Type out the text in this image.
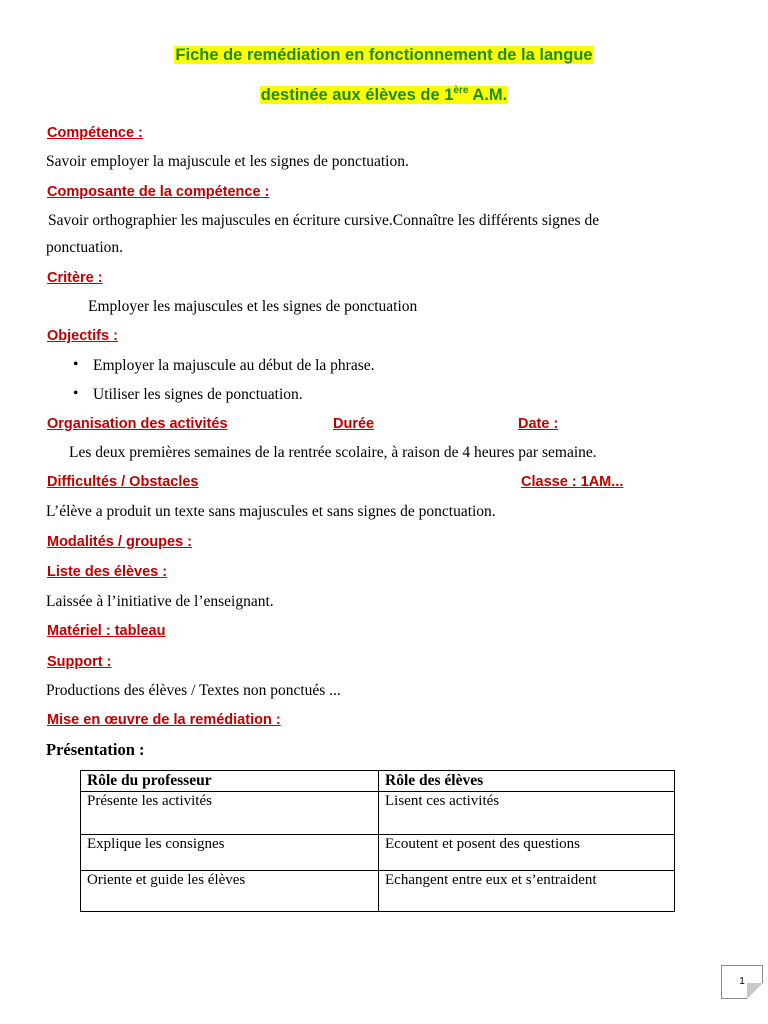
Fiche de remédiation en fonctionnement de la langue
destinée aux élèves de 1ère A.M.
Compétence :
Savoir employer la majuscule et les signes de ponctuation.
Composante de la compétence :
Savoir orthographier les majuscules en écriture cursive.Connaître les différents signes de
ponctuation.
Critère :
Employer les majuscules et les signes de ponctuation
Objectifs :
• Employer la majuscule au début de la phrase.
• Utiliser les signes de ponctuation.
Organisation des activités	Durée	Date :
Les deux premières semaines de la rentrée scolaire, à raison de 4 heures par semaine.
Difficultés / Obstacles	Classe : 1AM...
L’élève a produit un texte sans majuscules et sans signes de ponctuation.
Modalités / groupes :
Liste des élèves :
Laissée à l’initiative de l’enseignant.
Matériel : tableau
Support :
Productions des élèves / Textes non ponctués ...
Mise en œuvre de la remédiation :
Présentation :
Rôle du professeur	Rôle des élèves
Présente les activités	Lisent ces activités
Explique les consignes	Ecoutent et posent des questions
Oriente et guide les élèves	Echangent entre eux et s’entraident
1
